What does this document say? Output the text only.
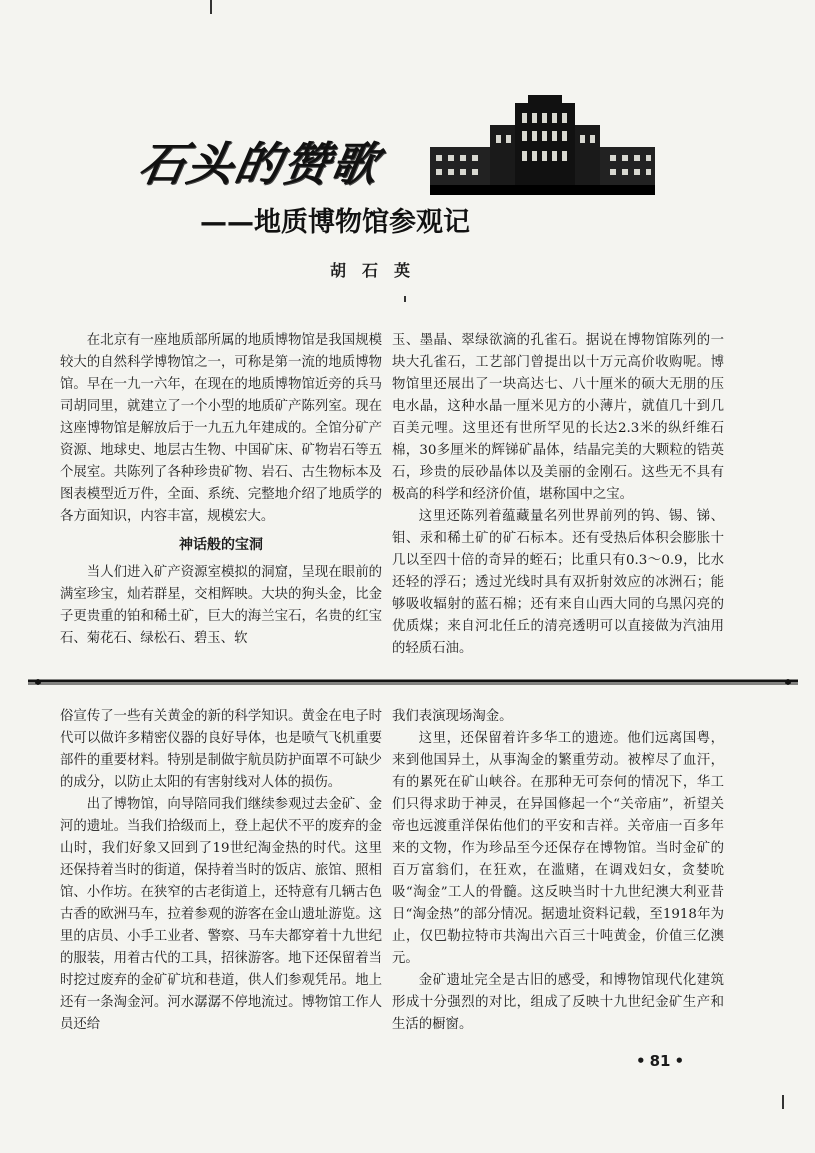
石头的赞歌
——地质博物馆参观记
胡石英

在北京有一座地质部所属的地质博物馆是我国规模较大的自然科学博物馆之一，可称是第一流的地质博物馆。早在一九一六年，在现在的地质博物馆近旁的兵马司胡同里，就建立了一个小型的地质矿产陈列室。现在这座博物馆是解放后于一九五九年建成的。全馆分矿产资源、地球史、地层古生物、中国矿床、矿物岩石等五个展室。共陈列了各种珍贵矿物、岩石、古生物标本及图表模型近万件，全面、系统、完整地介绍了地质学的各方面知识，内容丰富，规模宏大。

神话般的宝洞

当人们进入矿产资源室模拟的洞窟，呈现在眼前的满室珍宝，灿若群星，交相辉映。大块的狗头金，比金子更贵重的铂和稀土矿，巨大的海兰宝石，名贵的红宝石、菊花石、绿松石、碧玉、软

玉、墨晶、翠绿欲滴的孔雀石。据说在博物馆陈列的一块大孔雀石，工艺部门曾提出以十万元高价收购呢。博物馆里还展出了一块高达七、八十厘米的硕大无朋的压电水晶，这种水晶一厘米见方的小薄片，就值几十到几百美元哩。这里还有世所罕见的长达2.3米的纵纤维石棉，30多厘米的辉锑矿晶体，结晶完美的大颗粒的锆英石，珍贵的辰砂晶体以及美丽的金刚石。这些无不具有极高的科学和经济价值，堪称国中之宝。

这里还陈列着蕴藏量名列世界前列的钨、锡、锑、钼、汞和稀土矿的矿石标本。还有受热后体积会膨胀十几以至四十倍的奇异的蛭石；比重只有0.3～0.9，比水还轻的浮石；透过光线时具有双折射效应的冰洲石；能够吸收辐射的蓝石棉；还有来自山西大同的乌黑闪亮的优质煤；来自河北任丘的清亮透明可以直接做为汽油用的轻质石油。

俗宣传了一些有关黄金的新的科学知识。黄金在电子时代可以做许多精密仪器的良好导体，也是喷气飞机重要部件的重要材料。特别是制做宇航员防护面罩不可缺少的成分，以防止太阳的有害射线对人体的损伤。

出了博物馆，向导陪同我们继续参观过去金矿、金河的遗址。当我们拾级而上，登上起伏不平的废弃的金山时，我们好象又回到了19世纪淘金热的时代。这里还保持着当时的街道，保持着当时的饭店、旅馆、照相馆、小作坊。在狭窄的古老街道上，还特意有几辆古色古香的欧洲马车，拉着参观的游客在金山遗址游览。这里的店员、小手工业者、警察、马车夫都穿着十九世纪的服装，用着古代的工具，招徕游客。地下还保留着当时挖过废弃的金矿矿坑和巷道，供人们参观凭吊。地上还有一条淘金河。河水潺潺不停地流过。博物馆工作人员还给

我们表演现场淘金。

这里，还保留着许多华工的遗迹。他们远离国粤，来到他国异土，从事淘金的繁重劳动。被榨尽了血汗，有的累死在矿山峡谷。在那种无可奈何的情况下，华工们只得求助于神灵，在异国修起一个“关帝庙”，祈望关帝也远渡重洋保佑他们的平安和吉祥。关帝庙一百多年来的文物，作为珍品至今还保存在博物馆。当时金矿的百万富翁们，在狂欢，在滥赌，在调戏妇女，贪婪吮吸“淘金”工人的骨髓。这反映当时十九世纪澳大利亚昔日“淘金热”的部分情况。据遗址资料记载，至1918年为止，仅巴勒拉特市共淘出六百三十吨黄金，价值三亿澳元。

金矿遗址完全是古旧的感受，和博物馆现代化建筑形成十分强烈的对比，组成了反映十九世纪金矿生产和生活的橱窗。

• 81 •
